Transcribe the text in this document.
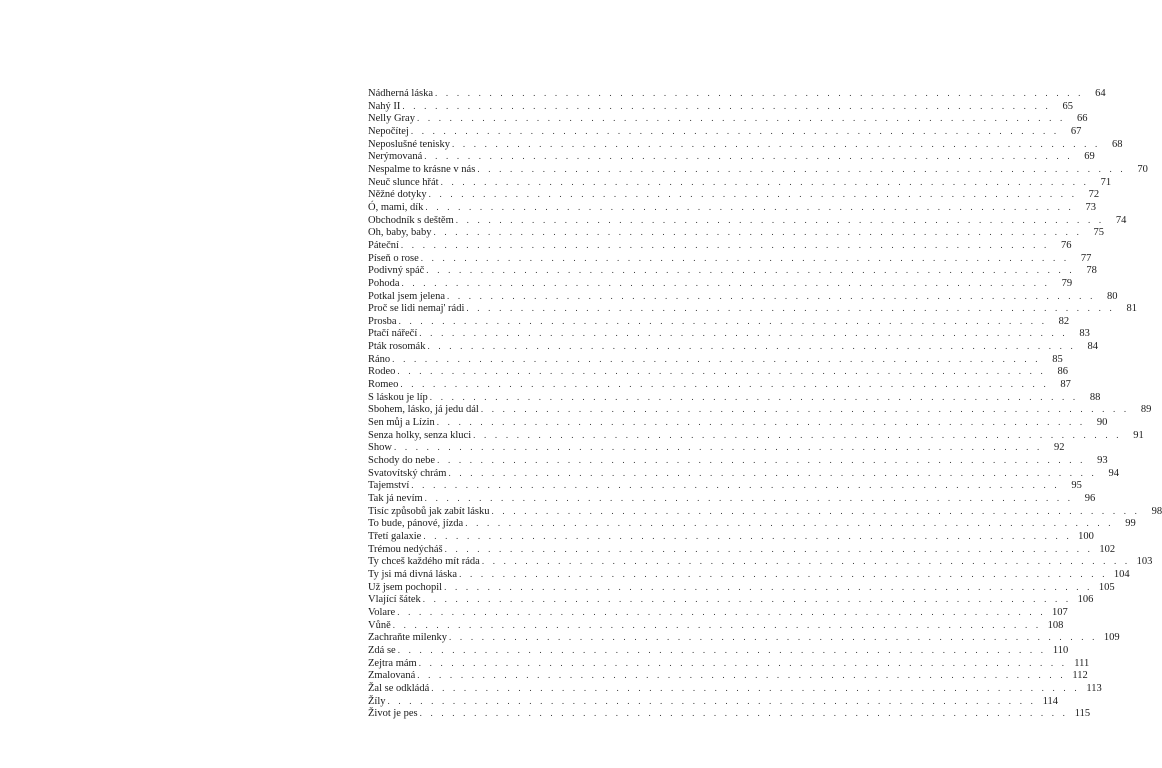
Nádherná láska . . . . . . . . . . . . . . . . . . . . . . . . . . . . . . . . . . . . . . . . . . . . . . . . . . . . . . . . . . . .	64
Nahý II . . . . . . . . . . . . . . . . . . . . . . . . . . . . . . . . . . . . . . . . . . . . . . . . . . . . . . . . . . . .	65
Nelly Gray . . . . . . . . . . . . . . . . . . . . . . . . . . . . . . . . . . . . . . . . . . . . . . . . . . . . . . . . . . . .	66
Nepočítej . . . . . . . . . . . . . . . . . . . . . . . . . . . . . . . . . . . . . . . . . . . . . . . . . . . . . . . . . . . .	67
Neposlušné tenisky . . . . . . . . . . . . . . . . . . . . . . . . . . . . . . . . . . . . . . . . . . . . . . . . . . . . . . . . . . . .	68
Nerýmovaná . . . . . . . . . . . . . . . . . . . . . . . . . . . . . . . . . . . . . . . . . . . . . . . . . . . . . . . . . . . .	69
Nespalme to krásne v nás . . . . . . . . . . . . . . . . . . . . . . . . . . . . . . . . . . . . . . . . . . . . . . . . . . . . . . . . . . . .	70
Neuč slunce hřát . . . . . . . . . . . . . . . . . . . . . . . . . . . . . . . . . . . . . . . . . . . . . . . . . . . . . . . . . . . .	71
Něžné dotyky . . . . . . . . . . . . . . . . . . . . . . . . . . . . . . . . . . . . . . . . . . . . . . . . . . . . . . . . . . . .	72
Ó, mami, dík . . . . . . . . . . . . . . . . . . . . . . . . . . . . . . . . . . . . . . . . . . . . . . . . . . . . . . . . . . . .	73
Obchodník s deštěm . . . . . . . . . . . . . . . . . . . . . . . . . . . . . . . . . . . . . . . . . . . . . . . . . . . . . . . . . . . .	74
Oh, baby, baby . . . . . . . . . . . . . . . . . . . . . . . . . . . . . . . . . . . . . . . . . . . . . . . . . . . . . . . . . . . .	75
Páteční . . . . . . . . . . . . . . . . . . . . . . . . . . . . . . . . . . . . . . . . . . . . . . . . . . . . . . . . . . . .	76
Píseň o rose . . . . . . . . . . . . . . . . . . . . . . . . . . . . . . . . . . . . . . . . . . . . . . . . . . . . . . . . . . . .	77
Podivný spáč . . . . . . . . . . . . . . . . . . . . . . . . . . . . . . . . . . . . . . . . . . . . . . . . . . . . . . . . . . . .	78
Pohoda . . . . . . . . . . . . . . . . . . . . . . . . . . . . . . . . . . . . . . . . . . . . . . . . . . . . . . . . . . . .	79
Potkal jsem jelena . . . . . . . . . . . . . . . . . . . . . . . . . . . . . . . . . . . . . . . . . . . . . . . . . . . . . . . . . . . .	80
Proč se lidi nemaj' rádi . . . . . . . . . . . . . . . . . . . . . . . . . . . . . . . . . . . . . . . . . . . . . . . . . . . . . . . . . . . .	81
Prosba . . . . . . . . . . . . . . . . . . . . . . . . . . . . . . . . . . . . . . . . . . . . . . . . . . . . . . . . . . . .	82
Ptačí nářečí . . . . . . . . . . . . . . . . . . . . . . . . . . . . . . . . . . . . . . . . . . . . . . . . . . . . . . . . . . . .	83
Pták rosomák . . . . . . . . . . . . . . . . . . . . . . . . . . . . . . . . . . . . . . . . . . . . . . . . . . . . . . . . . . . .	84
Ráno . . . . . . . . . . . . . . . . . . . . . . . . . . . . . . . . . . . . . . . . . . . . . . . . . . . . . . . . . . . .	85
Rodeo . . . . . . . . . . . . . . . . . . . . . . . . . . . . . . . . . . . . . . . . . . . . . . . . . . . . . . . . . . . .	86
Romeo . . . . . . . . . . . . . . . . . . . . . . . . . . . . . . . . . . . . . . . . . . . . . . . . . . . . . . . . . . . .	87
S láskou je líp . . . . . . . . . . . . . . . . . . . . . . . . . . . . . . . . . . . . . . . . . . . . . . . . . . . . . . . . . . . .	88
Sbohem, lásko, já jedu dál . . . . . . . . . . . . . . . . . . . . . . . . . . . . . . . . . . . . . . . . . . . . . . . . . . . . . . . . . . . .	89
Sen můj a Lízin . . . . . . . . . . . . . . . . . . . . . . . . . . . . . . . . . . . . . . . . . . . . . . . . . . . . . . . . . . . .	90
Senza holky, senza kluci . . . . . . . . . . . . . . . . . . . . . . . . . . . . . . . . . . . . . . . . . . . . . . . . . . . . . . . . . . . .	91
Show . . . . . . . . . . . . . . . . . . . . . . . . . . . . . . . . . . . . . . . . . . . . . . . . . . . . . . . . . . . .	92
Schody do nebe . . . . . . . . . . . . . . . . . . . . . . . . . . . . . . . . . . . . . . . . . . . . . . . . . . . . . . . . . . . .	93
Svatovítský chrám . . . . . . . . . . . . . . . . . . . . . . . . . . . . . . . . . . . . . . . . . . . . . . . . . . . . . . . . . . . .	94
Tajemství . . . . . . . . . . . . . . . . . . . . . . . . . . . . . . . . . . . . . . . . . . . . . . . . . . . . . . . . . . . .	95
Tak já nevím . . . . . . . . . . . . . . . . . . . . . . . . . . . . . . . . . . . . . . . . . . . . . . . . . . . . . . . . . . . .	96
Tisíc způsobů jak zabít lásku . . . . . . . . . . . . . . . . . . . . . . . . . . . . . . . . . . . . . . . . . . . . . . . . . . . . . . . . . . . .	98
To bude, pánové, jízda . . . . . . . . . . . . . . . . . . . . . . . . . . . . . . . . . . . . . . . . . . . . . . . . . . . . . . . . . . . .	99
Třetí galaxie . . . . . . . . . . . . . . . . . . . . . . . . . . . . . . . . . . . . . . . . . . . . . . . . . . . . . . . . . . . . 100
Trémou nedýcháš . . . . . . . . . . . . . . . . . . . . . . . . . . . . . . . . . . . . . . . . . . . . . . . . . . . . . . . . . . . . 102
Ty chceš každého mít ráda . . . . . . . . . . . . . . . . . . . . . . . . . . . . . . . . . . . . . . . . . . . . . . . . . . . . . . . . . . . . 103
Ty jsi má divná láska . . . . . . . . . . . . . . . . . . . . . . . . . . . . . . . . . . . . . . . . . . . . . . . . . . . . . . . . . . . . 104
Už jsem pochopil . . . . . . . . . . . . . . . . . . . . . . . . . . . . . . . . . . . . . . . . . . . . . . . . . . . . . . . . . . . . 105
Vlající šátek . . . . . . . . . . . . . . . . . . . . . . . . . . . . . . . . . . . . . . . . . . . . . . . . . . . . . . . . . . . . 106
Volare . . . . . . . . . . . . . . . . . . . . . . . . . . . . . . . . . . . . . . . . . . . . . . . . . . . . . . . . . . . . 107
Vůně . . . . . . . . . . . . . . . . . . . . . . . . . . . . . . . . . . . . . . . . . . . . . . . . . . . . . . . . . . . . 108
Zachraňte milenky . . . . . . . . . . . . . . . . . . . . . . . . . . . . . . . . . . . . . . . . . . . . . . . . . . . . . . . . . . . . 109
Zdá se . . . . . . . . . . . . . . . . . . . . . . . . . . . . . . . . . . . . . . . . . . . . . . . . . . . . . . . . . . . . 110
Zejtra mám . . . . . . . . . . . . . . . . . . . . . . . . . . . . . . . . . . . . . . . . . . . . . . . . . . . . . . . . . . . . 111
Zmalovaná . . . . . . . . . . . . . . . . . . . . . . . . . . . . . . . . . . . . . . . . . . . . . . . . . . . . . . . . . . . . 112
Žal se odkládá . . . . . . . . . . . . . . . . . . . . . . . . . . . . . . . . . . . . . . . . . . . . . . . . . . . . . . . . . . . . 113
Žíly . . . . . . . . . . . . . . . . . . . . . . . . . . . . . . . . . . . . . . . . . . . . . . . . . . . . . . . . . . . . 114
Život je pes . . . . . . . . . . . . . . . . . . . . . . . . . . . . . . . . . . . . . . . . . . . . . . . . . . . . . . . . . . . . 115
